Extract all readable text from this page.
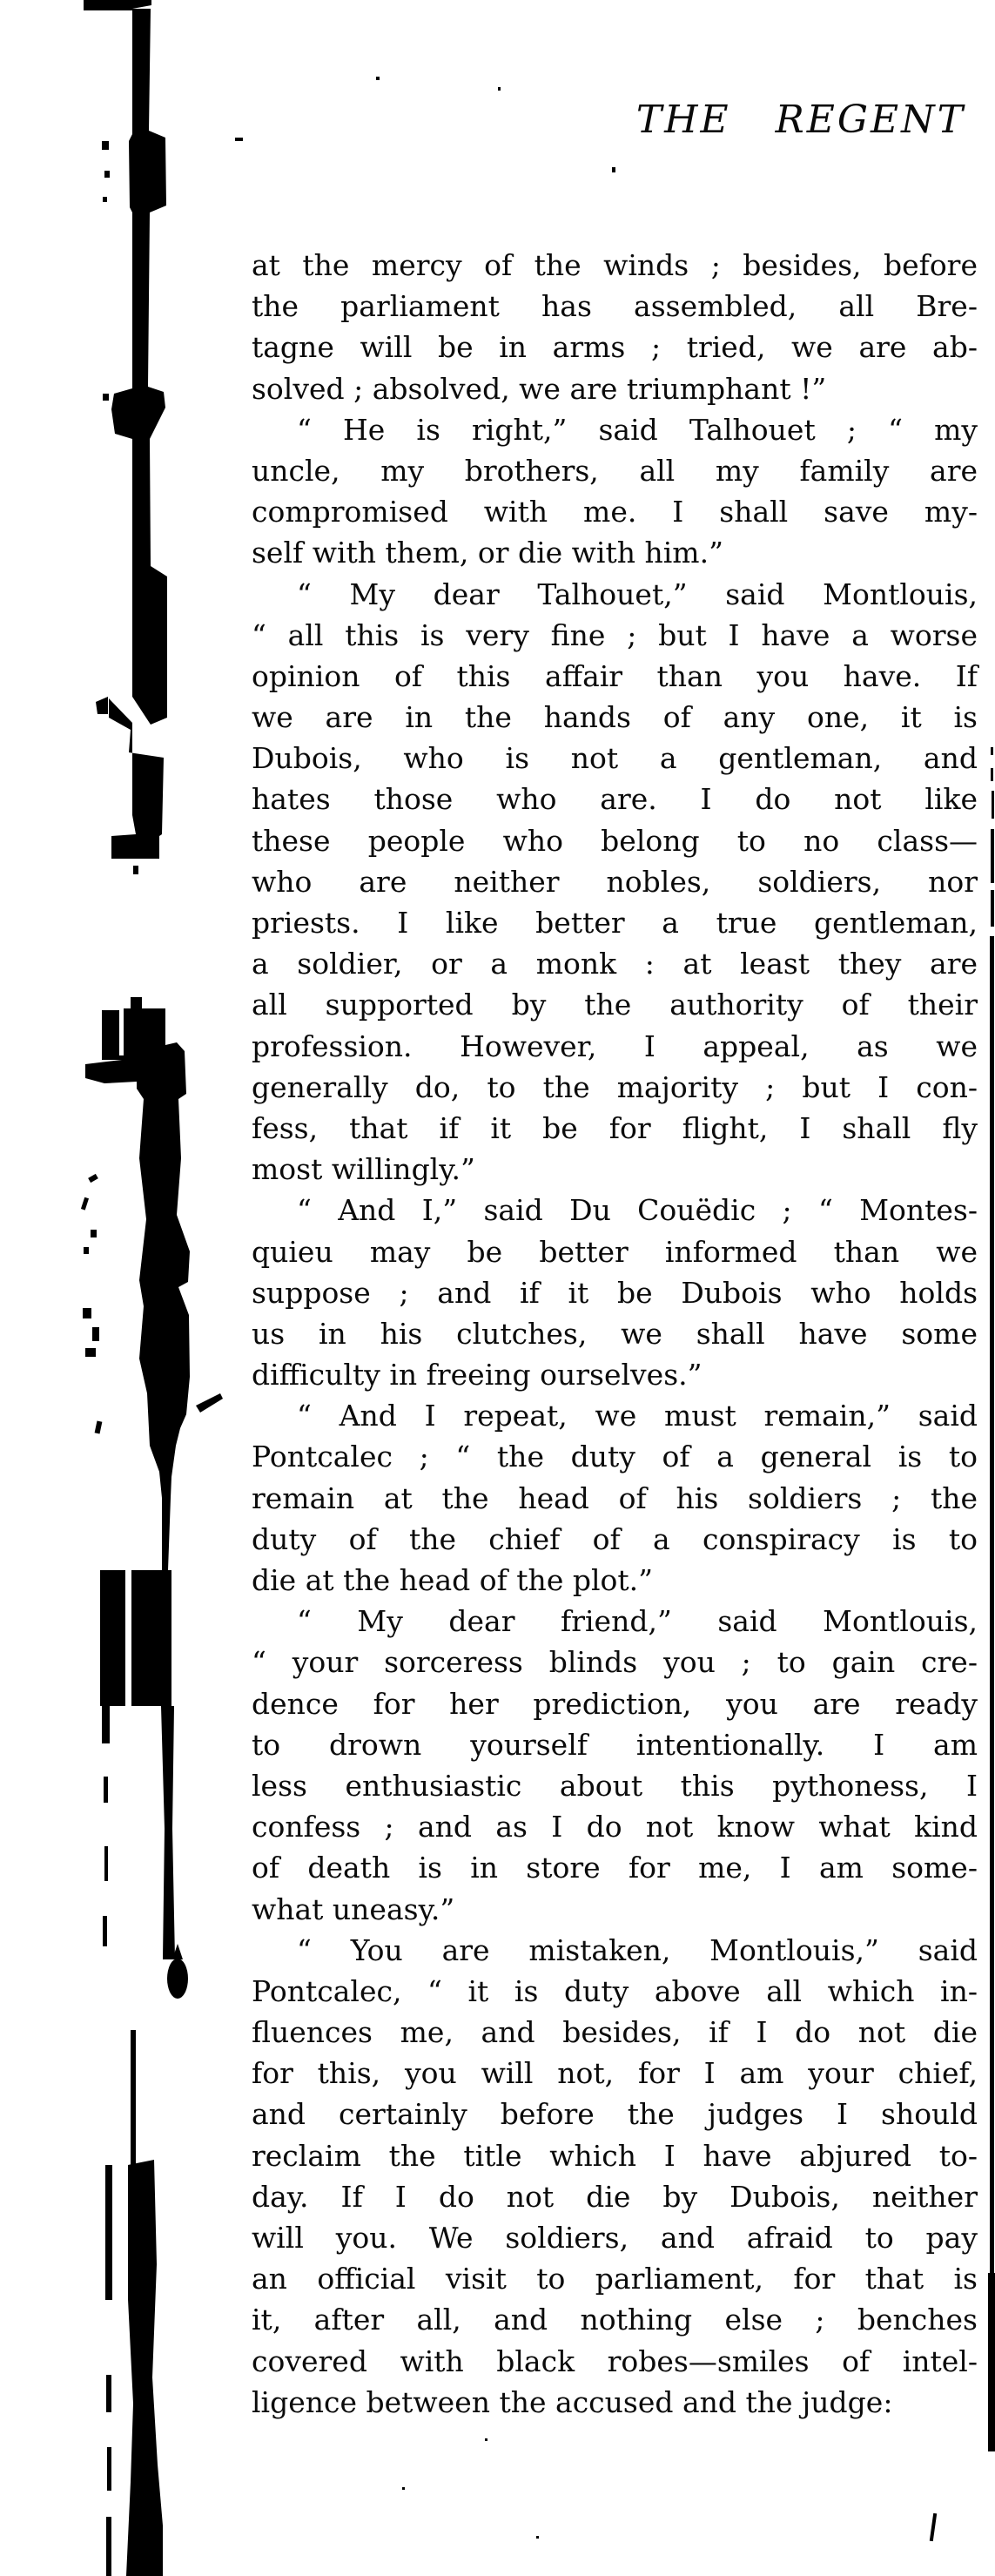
THE REGENT
at the mercy of the winds ; besides, before
the parliament has assembled, all Bre-
tagne will be in arms ; tried, we are ab-
solved ; absolved, we are triumphant !”
“ He is right,” said Talhouet ; “ my
uncle, my brothers, all my family are
compromised with me. I shall save my-
self with them, or die with him.”
“ My dear Talhouet,” said Montlouis,
“ all this is very fine ; but I have a worse
opinion of this affair than you have. If
we are in the hands of any one, it is
Dubois, who is not a gentleman, and
hates those who are. I do not like
these people who belong to no class—
who are neither nobles, soldiers, nor
priests. I like better a true gentleman,
a soldier, or a monk : at least they are
all supported by the authority of their
profession. However, I appeal, as we
generally do, to the majority ; but I con-
fess, that if it be for flight, I shall fly
most willingly.”
“ And I,” said Du Couëdic ; “ Montes-
quieu may be better informed than we
suppose ; and if it be Dubois who holds
us in his clutches, we shall have some
difficulty in freeing ourselves.”
“ And I repeat, we must remain,” said
Pontcalec ; “ the duty of a general is to
remain at the head of his soldiers ; the
duty of the chief of a conspiracy is to
die at the head of the plot.”
“ My dear friend,” said Montlouis,
“ your sorceress blinds you ; to gain cre-
dence for her prediction, you are ready
to drown yourself intentionally. I am
less enthusiastic about this pythoness, I
confess ; and as I do not know what kind
of death is in store for me, I am some-
what uneasy.”
“ You are mistaken, Montlouis,” said
Pontcalec, “ it is duty above all which in-
fluences me, and besides, if I do not die
for this, you will not, for I am your chief,
and certainly before the judges I should
reclaim the title which I have abjured to-
day. If I do not die by Dubois, neither
will you. We soldiers, and afraid to pay
an official visit to parliament, for that is
it, after all, and nothing else ; benches
covered with black robes—smiles of intel-
ligence between the accused and the judge:
